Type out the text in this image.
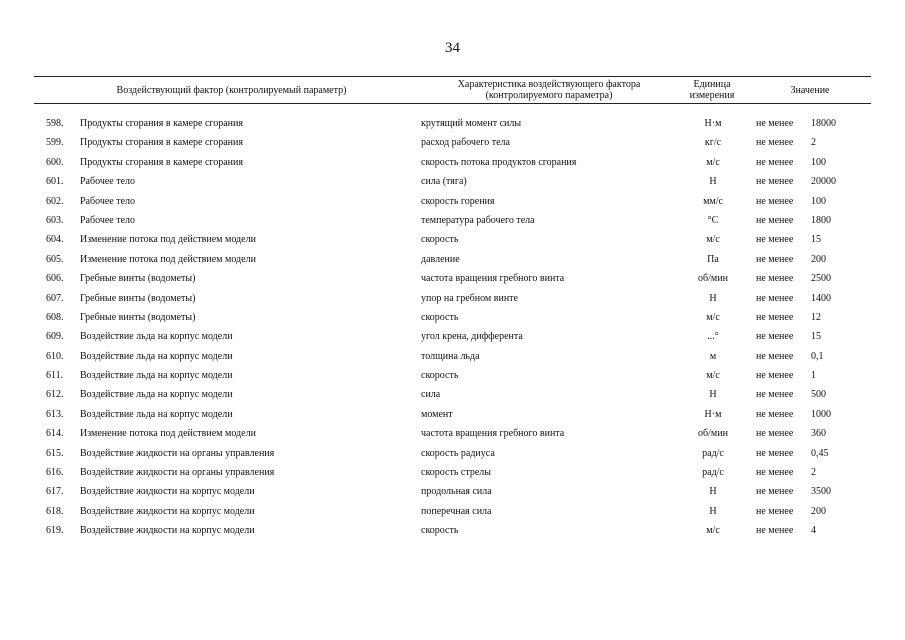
34
Воздействующий фактор (контролируемый параметр)	Характеристика воздействующего фактора
(контролируемого параметра)
Единица
измерения	Значение
598. Продукты сгорания в камере сгорания	крутящий момент силы	Н·м	не менее 18000
599. Продукты сгорания в камере сгорания	расход рабочего тела	кг/с	не менее 2
600. Продукты сгорания в камере сгорания	скорость потока продуктов сгорания	м/с	не менее 100
601. Рабочее тело	сила (тяга)	Н	не менее 20000
602. Рабочее тело	скорость горения	мм/с	не менее 100
603. Рабочее тело	температура рабочего тела	°С	не менее 1800
604. Изменение потока под действием модели	скорость	м/с	не менее 15
605. Изменение потока под действием модели	давление	Па	не менее 200
606. Гребные винты (водометы)	частота вращения гребного винта	об/мин	не менее 2500
607. Гребные винты (водометы)	упор на гребном винте	Н	не менее 1400
608. Гребные винты (водометы)	скорость	м/с	не менее 12
609. Воздействие льда на корпус модели	угол крена, дифферента	...°	не менее 15
610. Воздействие льда на корпус модели	толщина льда	м	не менее 0,1
611. Воздействие льда на корпус модели	скорость	м/с	не менее 1
612. Воздействие льда на корпус модели	сила	Н	не менее 500
613. Воздействие льда на корпус модели	момент	Н·м	не менее 1000
614. Изменение потока под действием модели	частота вращения гребного винта	об/мин	не менее 360
615. Воздействие жидкости на органы управления	скорость радиуса	рад/с	не менее 0,45
616. Воздействие жидкости на органы управления	скорость стрелы	рад/с	не менее 2
617. Воздействие жидкости на корпус модели	продольная сила	Н	не менее 3500
618. Воздействие жидкости на корпус модели	поперечная сила	Н	не менее 200
619. Воздействие жидкости на корпус модели	скорость	м/с	не менее 4
